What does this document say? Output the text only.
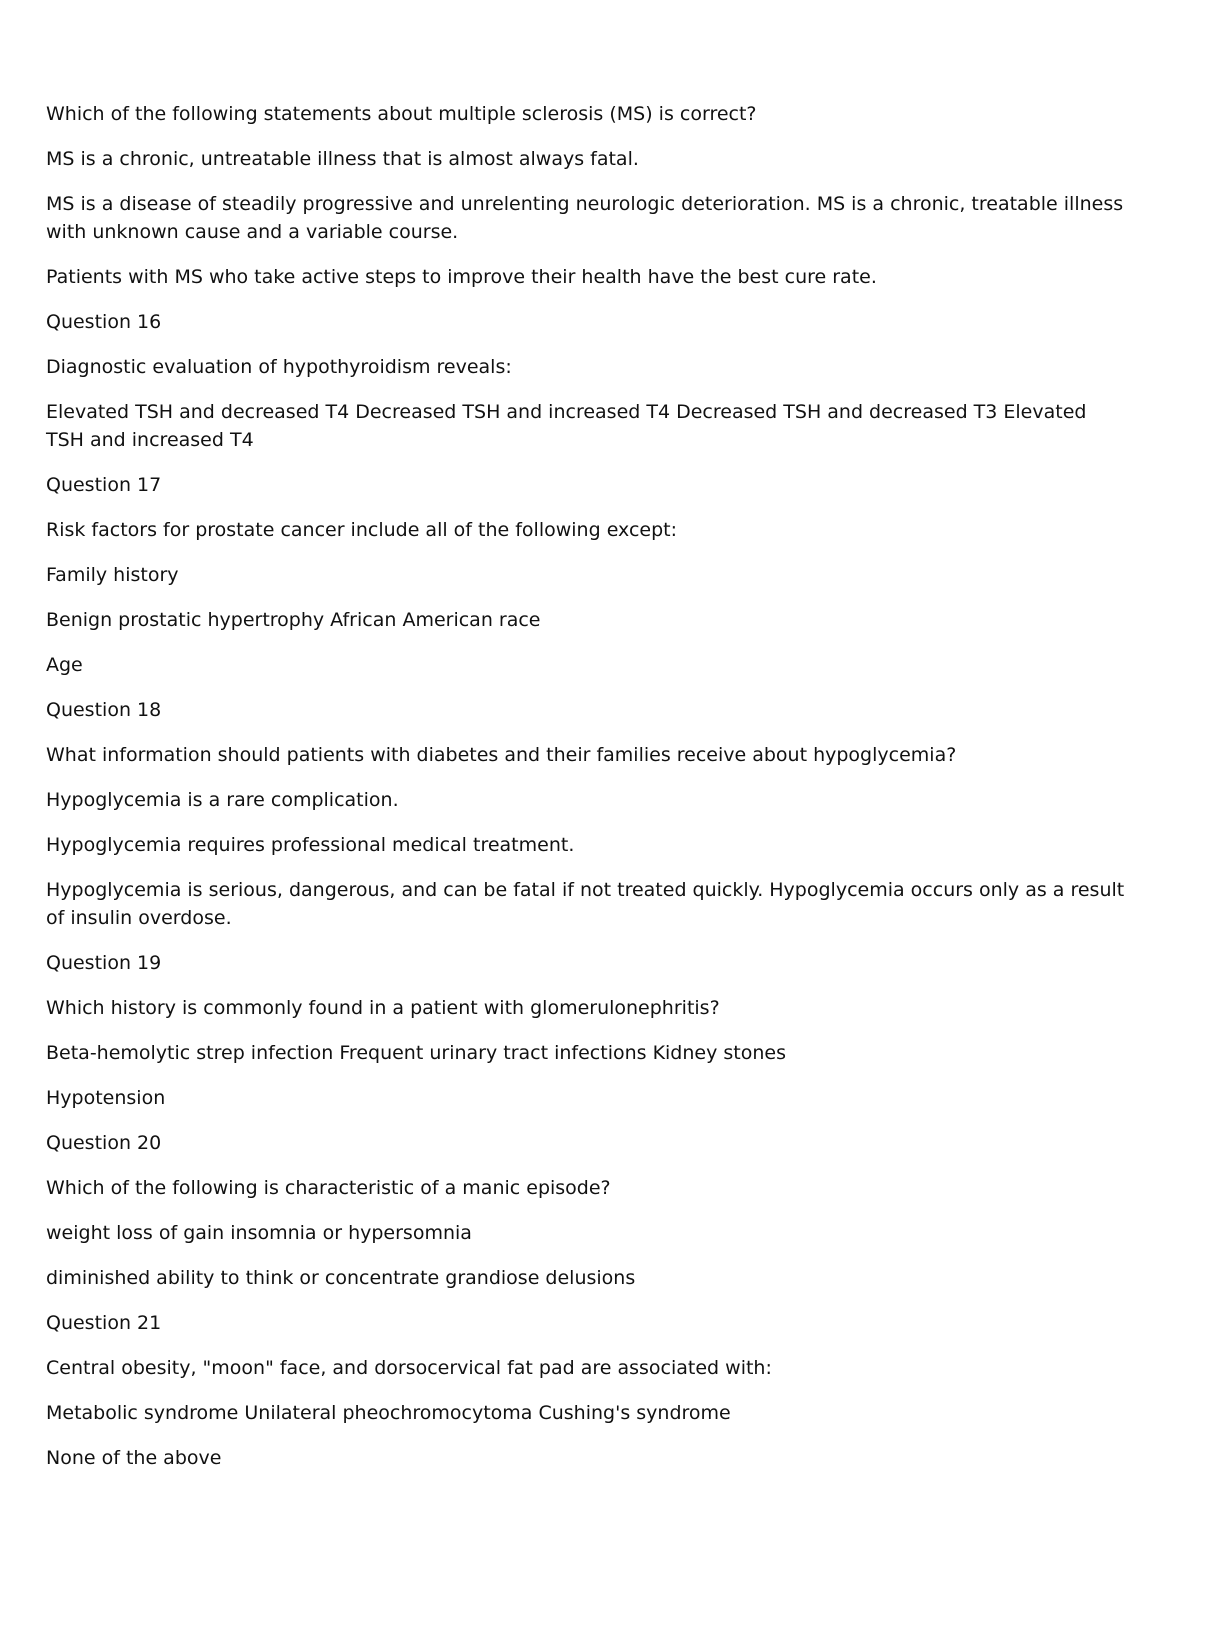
Which of the following statements about multiple sclerosis (MS) is correct?

MS is a chronic, untreatable illness that is almost always fatal.

MS is a disease of steadily progressive and unrelenting neurologic deterioration. MS is a chronic, treatable illness with unknown cause and a variable course.

Patients with MS who take active steps to improve their health have the best cure rate.

Question 16

Diagnostic evaluation of hypothyroidism reveals:

Elevated TSH and decreased T4 Decreased TSH and increased T4 Decreased TSH and decreased T3 Elevated TSH and increased T4

Question 17

Risk factors for prostate cancer include all of the following except:

Family history

Benign prostatic hypertrophy African American race

Age

Question 18

What information should patients with diabetes and their families receive about hypoglycemia?

Hypoglycemia is a rare complication.

Hypoglycemia requires professional medical treatment.

Hypoglycemia is serious, dangerous, and can be fatal if not treated quickly. Hypoglycemia occurs only as a result of insulin overdose.

Question 19

Which history is commonly found in a patient with glomerulonephritis?

Beta-hemolytic strep infection Frequent urinary tract infections Kidney stones

Hypotension

Question 20

Which of the following is characteristic of a manic episode?

weight loss of gain insomnia or hypersomnia

diminished ability to think or concentrate grandiose delusions

Question 21

Central obesity, "moon" face, and dorsocervical fat pad are associated with:

Metabolic syndrome Unilateral pheochromocytoma Cushing's syndrome

None of the above
